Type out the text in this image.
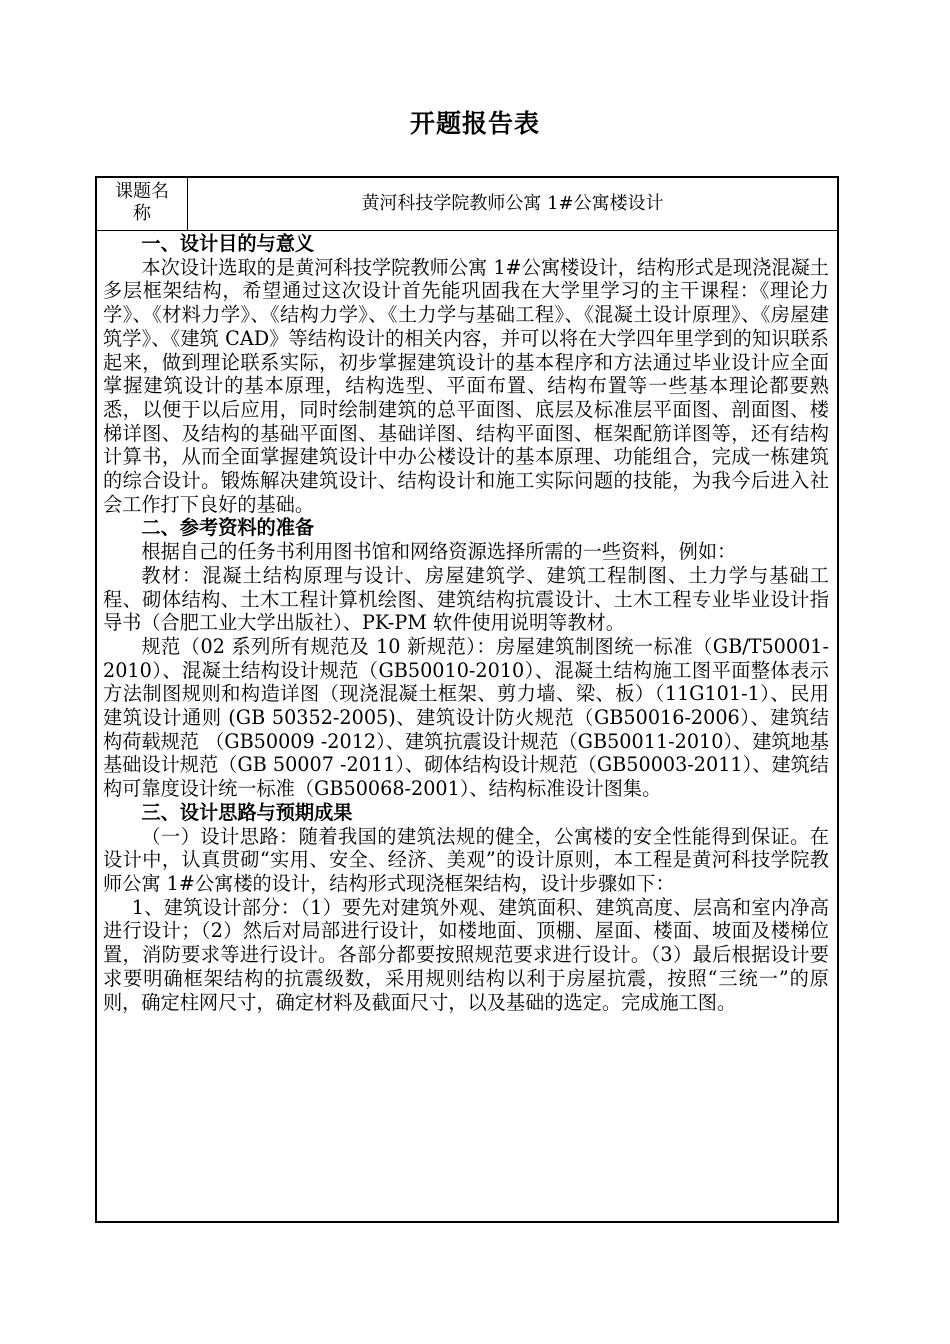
开题报告表
课题名
称	黄河科技学院教师公寓 1#公寓楼设计
一、设计目的与意义

本次设计选取的是黄河科技学院教师公寓 1#公寓楼设计，结构形式是现浇混凝土多层框架结构，希望通过这次设计首先能巩固我在大学里学习的主干课程：《理论力学》、《材料力学》、《结构力学》、《土力学与基础工程》、《混凝土设计原理》、《房屋建筑学》、《建筑 CAD》等结构设计的相关内容，并可以将在大学四年里学到的知识联系起来，做到理论联系实际，初步掌握建筑设计的基本程序和方法通过毕业设计应全面掌握建筑设计的基本原理，结构选型、平面布置、结构布置等一些基本理论都要熟悉，以便于以后应用，同时绘制建筑的总平面图、底层及标准层平面图、剖面图、楼梯详图、及结构的基础平面图、基础详图、结构平面图、框架配筋详图等，还有结构计算书，从而全面掌握建筑设计中办公楼设计的基本原理、功能组合，完成一栋建筑的综合设计。锻炼解决建筑设计、结构设计和施工实际问题的技能，为我今后进入社会工作打下良好的基础。

二、参考资料的准备

根据自己的任务书利用图书馆和网络资源选择所需的一些资料，例如：

教材：混凝土结构原理与设计、房屋建筑学、建筑工程制图、土力学与基础工程、砌体结构、土木工程计算机绘图、建筑结构抗震设计、土木工程专业毕业设计指导书（合肥工业大学出版社）、PK-PM 软件使用说明等教材。

规范（02 系列所有规范及 10 新规范）：房屋建筑制图统一标准（GB/T50001-2010）、混凝土结构设计规范（GB50010-2010）、混凝土结构施工图平面整体表示方法制图规则和构造详图（现浇混凝土框架、剪力墙、梁、板）（11G101-1）、民用建筑设计通则 (GB 50352-2005)、建筑设计防火规范（GB50016-2006）、建筑结构荷载规范 （GB50009 -2012）、建筑抗震设计规范（GB50011-2010）、建筑地基基础设计规范（GB 50007 -2011）、砌体结构设计规范（GB50003-2011）、建筑结构可靠度设计统一标准（GB50068-2001）、结构标准设计图集。

三、设计思路与预期成果

（一）设计思路：随着我国的建筑法规的健全，公寓楼的安全性能得到保证。在设计中，认真贯砌“实用、安全、经济、美观”的设计原则，本工程是黄河科技学院教师公寓 1#公寓楼的设计，结构形式现浇框架结构，设计步骤如下：

1、建筑设计部分：（1）要先对建筑外观、建筑面积、建筑高度、层高和室内净高进行设计；（2）然后对局部进行设计，如楼地面、顶棚、屋面、楼面、坡面及楼梯位置，消防要求等进行设计。各部分都要按照规范要求进行设计。（3）最后根据设计要求要明确框架结构的抗震级数，采用规则结构以利于房屋抗震，按照“三统一”的原则，确定柱网尺寸，确定材料及截面尺寸，以及基础的选定。完成施工图。
